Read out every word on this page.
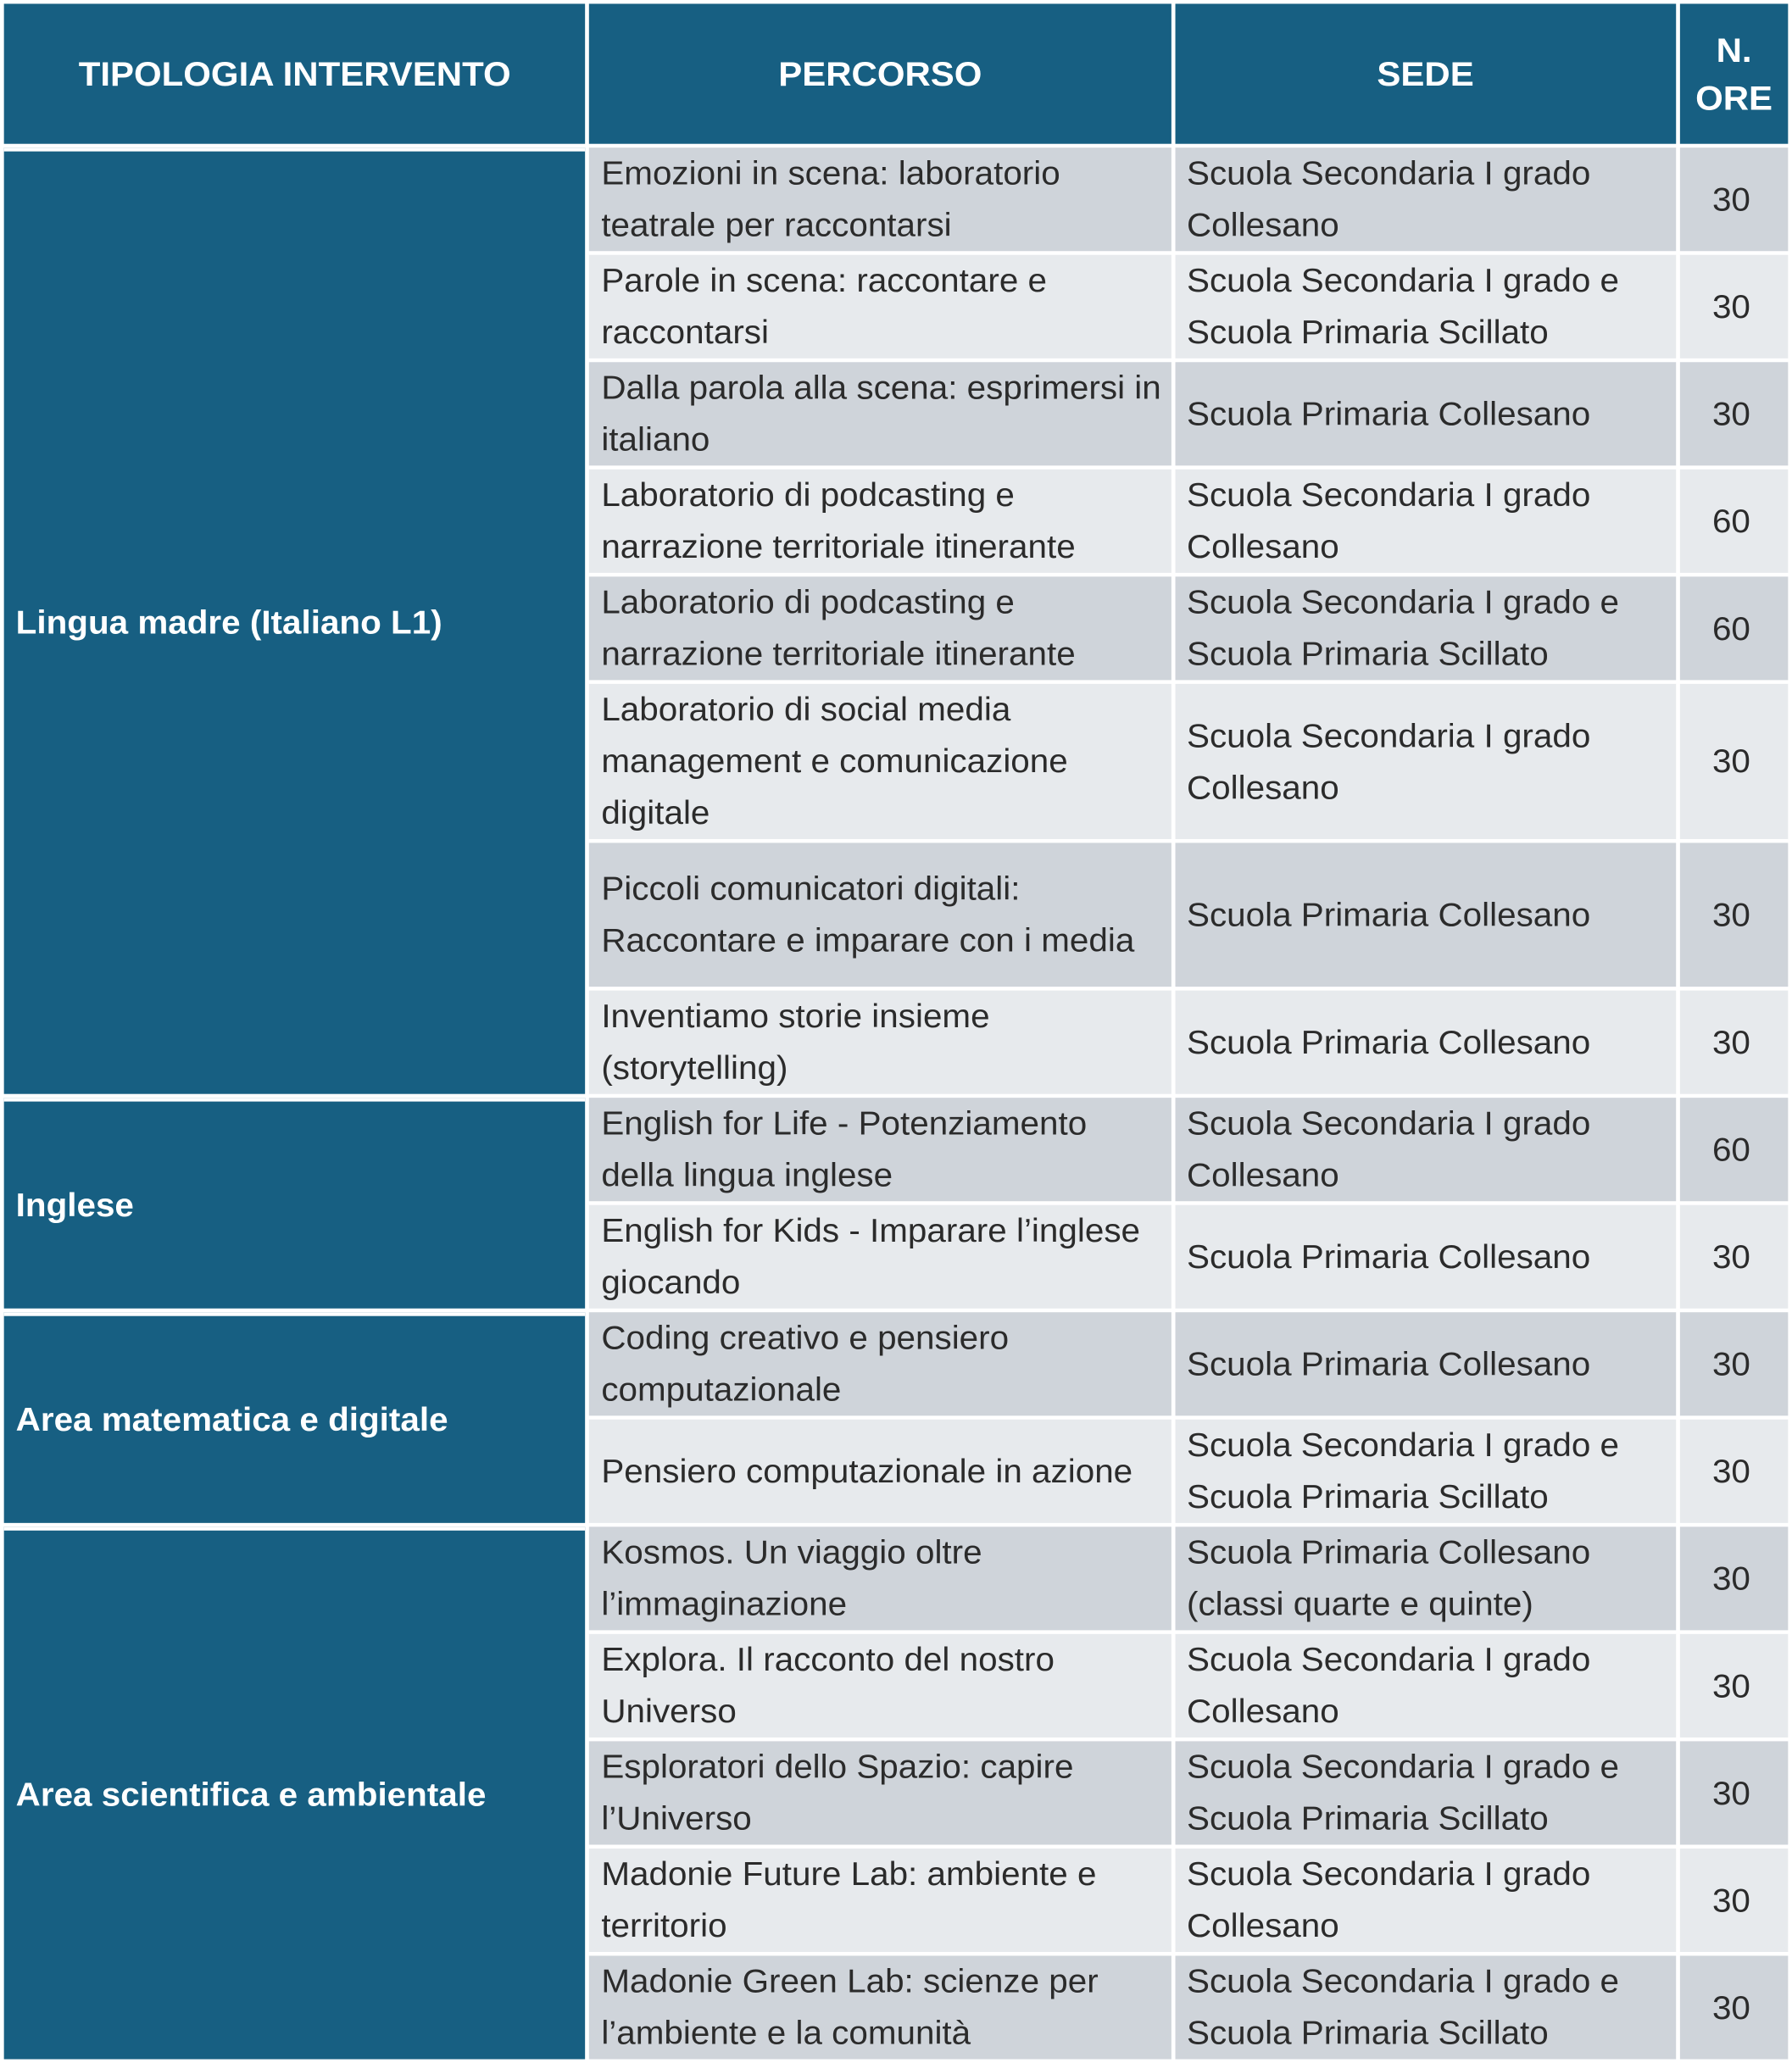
TIPOLOGIA INTERVENTO	PERCORSO	SEDE	N.
ORE

Lingua madre (Italiano L1)	Emozioni in scena: laboratorio teatrale per raccontarsi	Scuola Secondaria I grado Collesano	30
	Parole in scena: raccontare e raccontarsi	Scuola Secondaria I grado e Scuola Primaria Scillato	30
	Dalla parola alla scena: esprimersi in italiano	Scuola Primaria Collesano	30
	Laboratorio di podcasting e narrazione territoriale itinerante	Scuola Secondaria I grado Collesano	60
	Laboratorio di podcasting e narrazione territoriale itinerante	Scuola Secondaria I grado e Scuola Primaria Scillato	60
	Laboratorio di social media management e comunicazione digitale	Scuola Secondaria I grado Collesano	30
	Piccoli comunicatori digitali: Raccontare e imparare con i media	Scuola Primaria Collesano	30
	Inventiamo storie insieme (storytelling)	Scuola Primaria Collesano	30
Inglese	English for Life - Potenziamento della lingua inglese	Scuola Secondaria I grado Collesano	60
	English for Kids - Imparare l’inglese giocando	Scuola Primaria Collesano	30
Area matematica e digitale	Coding creativo e pensiero computazionale	Scuola Primaria Collesano	30
	Pensiero computazionale in azione	Scuola Secondaria I grado e Scuola Primaria Scillato	30
Area scientifica e ambientale	Kosmos. Un viaggio oltre l’immaginazione	Scuola Primaria Collesano (classi quarte e quinte)	30
	Explora. Il racconto del nostro Universo	Scuola Secondaria I grado Collesano	30
	Esploratori dello Spazio: capire l’Universo	Scuola Secondaria I grado e Scuola Primaria Scillato	30
	Madonie Future Lab: ambiente e territorio	Scuola Secondaria I grado Collesano	30
	Madonie Green Lab: scienze per l’ambiente e la comunità	Scuola Secondaria I grado e Scuola Primaria Scillato	30
